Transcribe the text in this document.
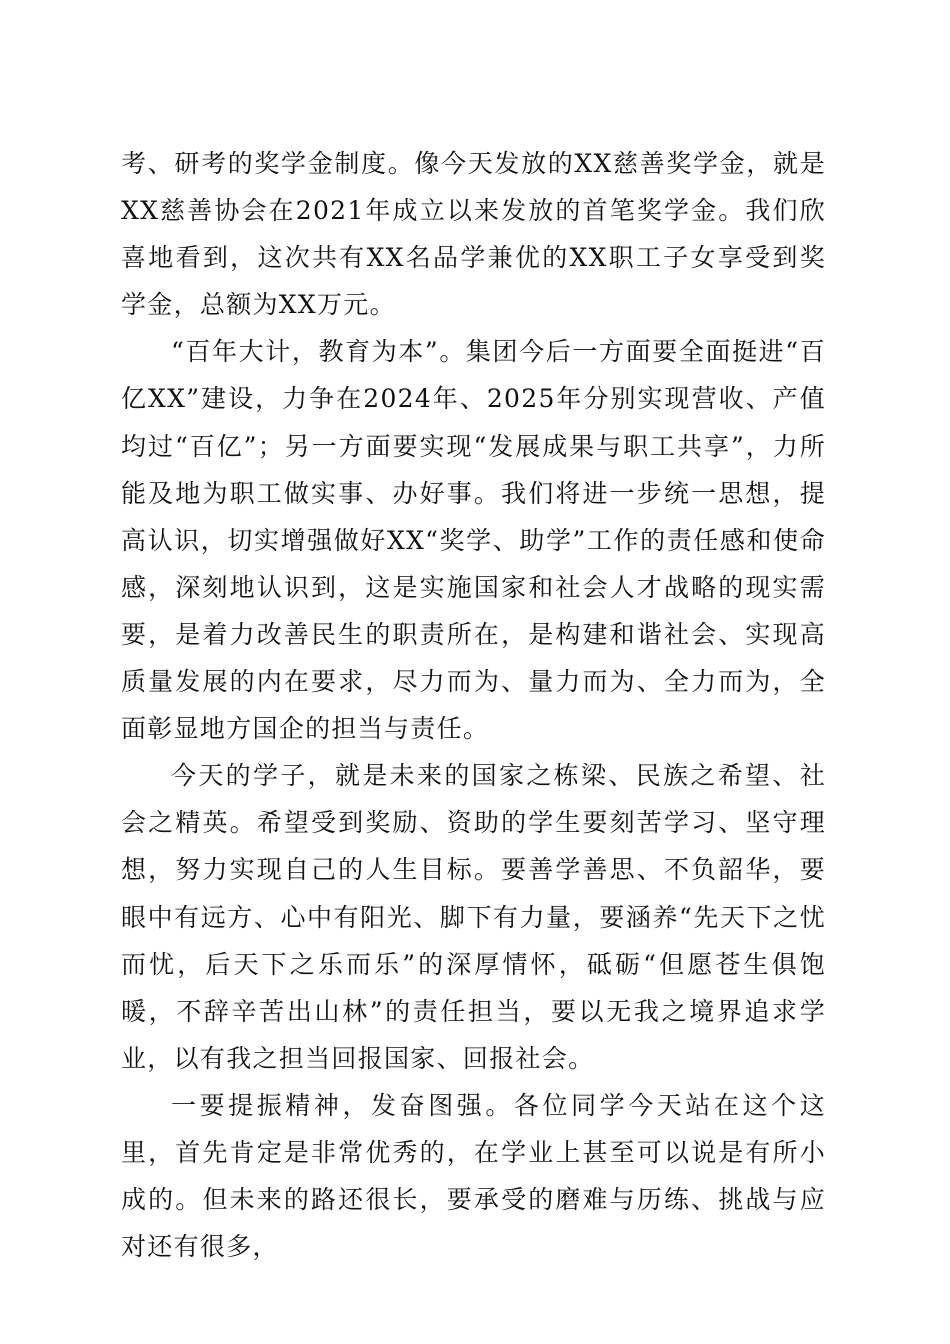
考、研考的奖学金制度。像今天发放的XX慈善奖学金，就是XX慈善协会在2021年成立以来发放的首笔奖学金。我们欣喜地看到，这次共有XX名品学兼优的XX职工子女享受到奖学金，总额为XX万元。

“百年大计，教育为本”。集团今后一方面要全面挺进“百亿XX”建设，力争在2024年、2025年分别实现营收、产值均过“百亿”；另一方面要实现“发展成果与职工共享”，力所能及地为职工做实事、办好事。我们将进一步统一思想，提高认识，切实增强做好XX“奖学、助学”工作的责任感和使命感，深刻地认识到，这是实施国家和社会人才战略的现实需要，是着力改善民生的职责所在，是构建和谐社会、实现高质量发展的内在要求，尽力而为、量力而为、全力而为，全面彰显地方国企的担当与责任。

今天的学子，就是未来的国家之栋梁、民族之希望、社会之精英。希望受到奖励、资助的学生要刻苦学习、坚守理想，努力实现自己的人生目标。要善学善思、不负韶华，要眼中有远方、心中有阳光、脚下有力量，要涵养“先天下之忧而忧，后天下之乐而乐”的深厚情怀，砥砺“但愿苍生俱饱暖，不辞辛苦出山林”的责任担当，要以无我之境界追求学业，以有我之担当回报国家、回报社会。

一要提振精神，发奋图强。各位同学今天站在这个这里，首先肯定是非常优秀的，在学业上甚至可以说是有所小成的。但未来的路还很长，要承受的磨难与历练、挑战与应对还有很多，
